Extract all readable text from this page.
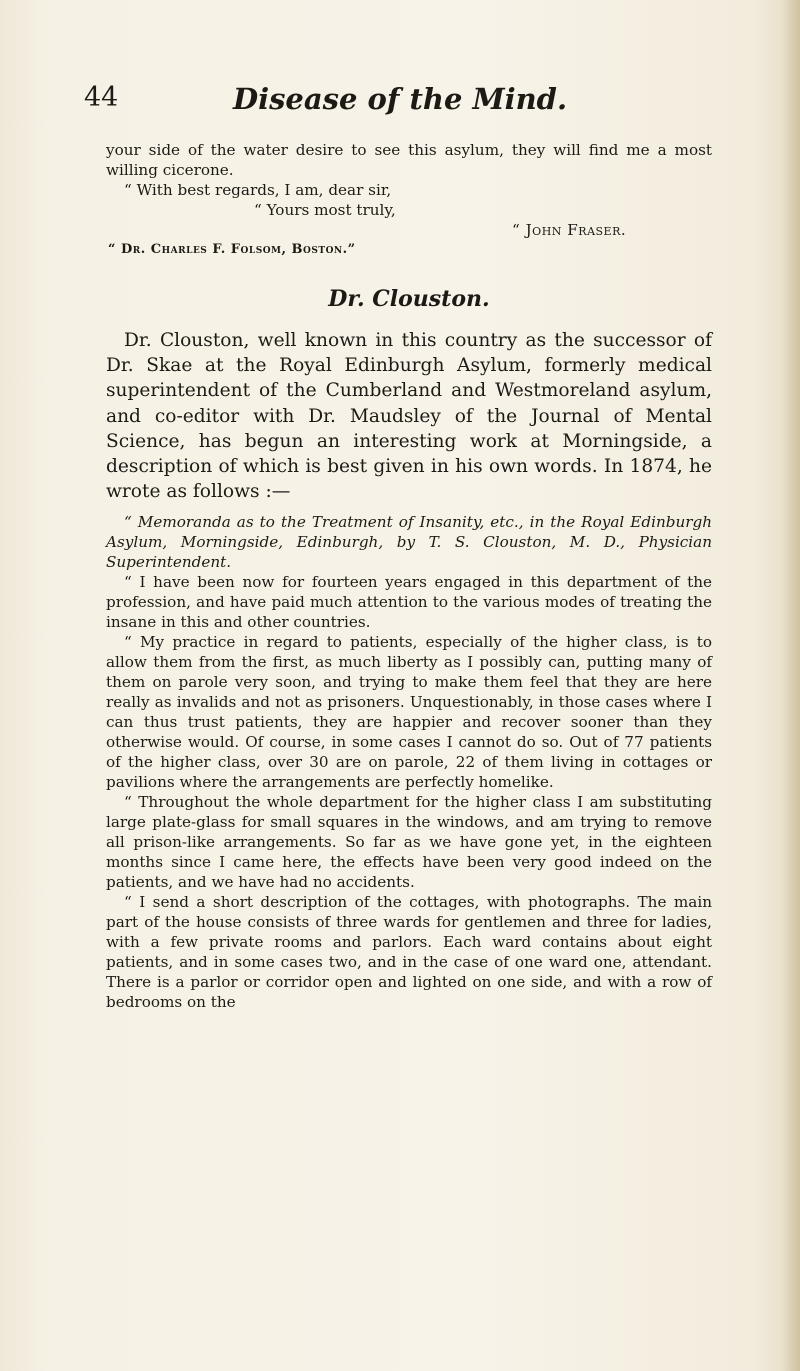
Disease of the Mind.
44

your side of the water desire to see this asylum, they will find me a most willing cicerone.

“ With best regards, I am, dear sir,

“ Yours most truly,

“ John Fraser.

“ Dr. Charles F. Folsom, Boston.”

Dr. Clouston.

Dr. Clouston, well known in this country as the successor of Dr. Skae at the Royal Edinburgh Asylum, formerly medical superintendent of the Cumberland and Westmoreland asylum, and co-editor with Dr. Maudsley of the Journal of Mental Science, has begun an interesting work at Morningside, a description of which is best given in his own words. In 1874, he wrote as follows :—

“ Memoranda as to the Treatment of Insanity, etc., in the Royal Edinburgh Asylum, Morningside, Edinburgh, by T. S. Clouston, M. D., Physician Superintendent.

“ I have been now for fourteen years engaged in this department of the profession, and have paid much attention to the various modes of treating the insane in this and other countries.

“ My practice in regard to patients, especially of the higher class, is to allow them from the first, as much liberty as I possibly can, putting many of them on parole very soon, and trying to make them feel that they are here really as invalids and not as prisoners. Unquestionably, in those cases where I can thus trust patients, they are happier and recover sooner than they otherwise would. Of course, in some cases I cannot do so. Out of 77 patients of the higher class, over 30 are on parole, 22 of them living in cottages or pavilions where the arrangements are perfectly homelike.

“ Throughout the whole department for the higher class I am substituting large plate-glass for small squares in the windows, and am trying to remove all prison-like arrangements. So far as we have gone yet, in the eighteen months since I came here, the effects have been very good indeed on the patients, and we have had no accidents.

“ I send a short description of the cottages, with photographs. The main part of the house consists of three wards for gentlemen and three for ladies, with a few private rooms and parlors. Each ward contains about eight patients, and in some cases two, and in the case of one ward one, attendant. There is a parlor or corridor open and lighted on one side, and with a row of bedrooms on the
